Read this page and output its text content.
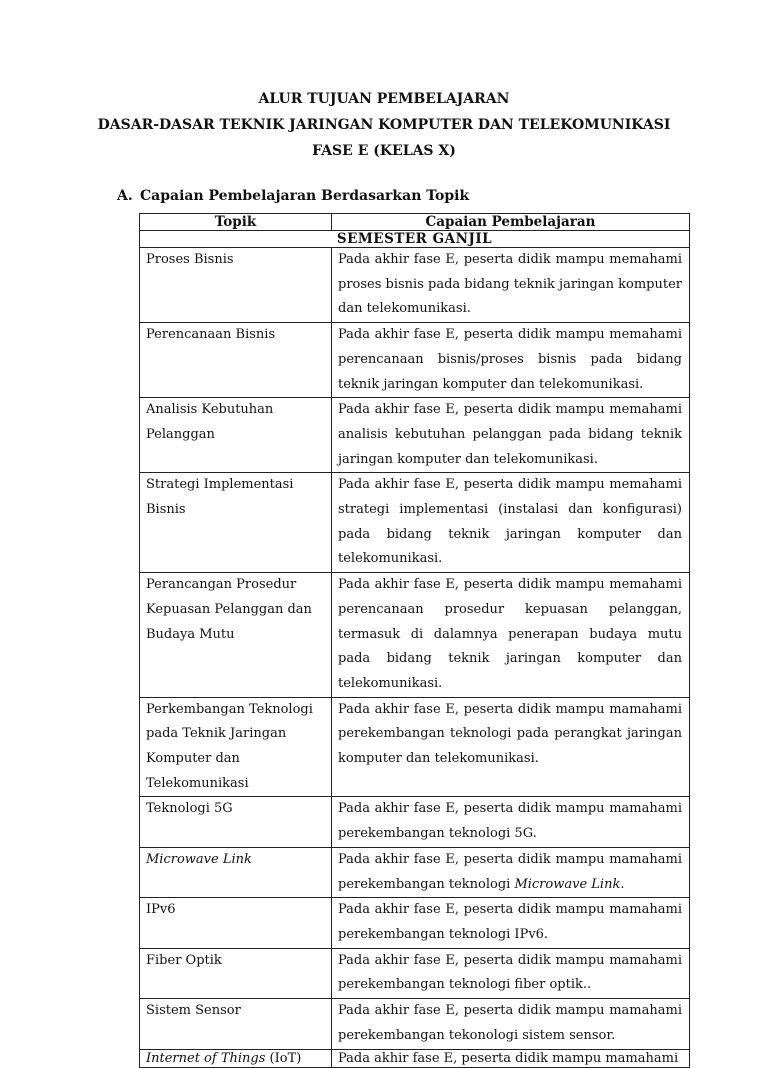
ALUR TUJUAN PEMBELAJARAN
DASAR-DASAR TEKNIK JARINGAN KOMPUTER DAN TELEKOMUNIKASI
FASE E (KELAS X)
A. Capaian Pembelajaran Berdasarkan Topik
Topik	Capaian Pembelajaran
SEMESTER GANJIL	
Proses Bisnis	Pada akhir fase E, peserta didik mampu memahami proses bisnis pada bidang teknik jaringan komputer dan telekomunikasi.
Perencanaan Bisnis	Pada akhir fase E, peserta didik mampu memahami perencanaan bisnis/proses bisnis pada bidang teknik jaringan komputer dan telekomunikasi.
Analisis Kebutuhan Pelanggan	Pada akhir fase E, peserta didik mampu memahami analisis kebutuhan pelanggan pada bidang teknik jaringan komputer dan telekomunikasi.
Strategi Implementasi Bisnis	Pada akhir fase E, peserta didik mampu memahami strategi implementasi (instalasi dan konfigurasi) pada bidang teknik jaringan komputer dan telekomunikasi.
Perancangan Prosedur Kepuasan Pelanggan dan Budaya Mutu	Pada akhir fase E, peserta didik mampu memahami perencanaan prosedur kepuasan pelanggan, termasuk di dalamnya penerapan budaya mutu pada bidang teknik jaringan komputer dan telekomunikasi.
Perkembangan Teknologi pada Teknik Jaringan Komputer dan Telekomunikasi	Pada akhir fase E, peserta didik mampu mamahami perekembangan teknologi pada perangkat jaringan komputer dan telekomunikasi.
Teknologi 5G	Pada akhir fase E, peserta didik mampu mamahami perekembangan teknologi 5G.
Microwave Link	Pada akhir fase E, peserta didik mampu mamahami perekembangan teknologi Microwave Link.
IPv6	Pada akhir fase E, peserta didik mampu mamahami perekembangan teknologi IPv6.
Fiber Optik	Pada akhir fase E, peserta didik mampu mamahami perekembangan teknologi fiber optik..
Sistem Sensor	Pada akhir fase E, peserta didik mampu mamahami perekembangan tekonologi sistem sensor.
Internet of Things (IoT)	Pada akhir fase E, peserta didik mampu mamahami
